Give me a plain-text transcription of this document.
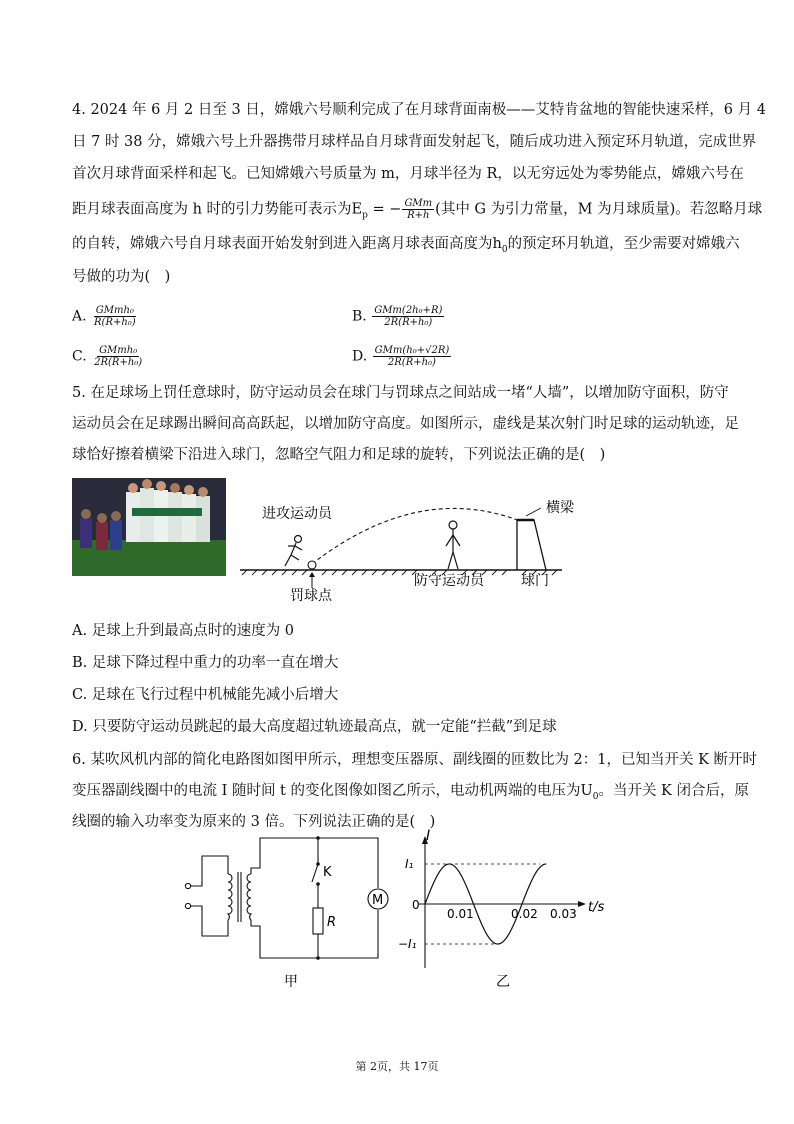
4. 2024 年 6 月 2 日至 3 日，嫦娥六号顺利完成了在月球背面南极——艾特肯盆地的智能快速采样，6 月 4
日 7 时 38 分，嫦娥六号上升器携带月球样品自月球背面发射起飞，随后成功进入预定环月轨道，完成世界
首次月球背面采样和起飞。已知嫦娥六号质量为 m，月球半径为 R，以无穷远处为零势能点，嫦娥六号在
距月球表面高度为 h 时的引力势能可表示为$E_p$ = − $\frac{\text{GMm}}{R+h}$ (其中 G 为引力常量，M 为月球质量)。若忽略月球
的自转，嫦娥六号自月球表面开始发射到进入距离月球表面高度为$h_0$的预定环月轨道，至少需要对嫦娥六
号做的功为(　)
A. $\frac{\text{GMmh₀}}{\text{R(R+h₀)}}$	B. $\frac{\text{GMm(2h₀+R)}}{\text{2R(R+h₀)}}$
C. $\frac{\text{GMmh₀}}{\text{2R(R+h₀)}}$	D. $\frac{\text{GMm(h₀+√2R)}}{\text{2R(R+h₀)}}$
5. 在足球场上罚任意球时，防守运动员会在球门与罚球点之间站成一堵“人墙”，以增加防守面积，防守
运动员会在足球踢出瞬间高高跃起，以增加防守高度。如图所示，虚线是某次射门时足球的运动轨迹，足
球恰好擦着横梁下沿进入球门，忽略空气阻力和足球的旋转，下列说法正确的是(　)
进攻运动员	横梁
罚球点
防守运动员	球门
A. 足球上升到最高点时的速度为 0
B. 足球下降过程中重力的功率一直在增大
C. 足球在飞行过程中机械能先减小后增大
D. 只要防守运动员跳起的最大高度超过轨迹最高点，就一定能“拦截”到足球
6. 某吹风机内部的简化电路图如图甲所示，理想变压器原、副线圈的匝数比为 2：1，已知当开关 K 断开时
变压器副线圈中的电流 I 随时间 t 的变化图像如图乙所示，电动机两端的电压为$U_0$。当开关 K 闭合后，原
线圈的输入功率变为原来的 3 倍。下列说法正确的是(　)
K
R
M
甲
I
t/s
0
I₁
−I₁
0.01	0.02 0.03
乙
第 2页，共 17页
